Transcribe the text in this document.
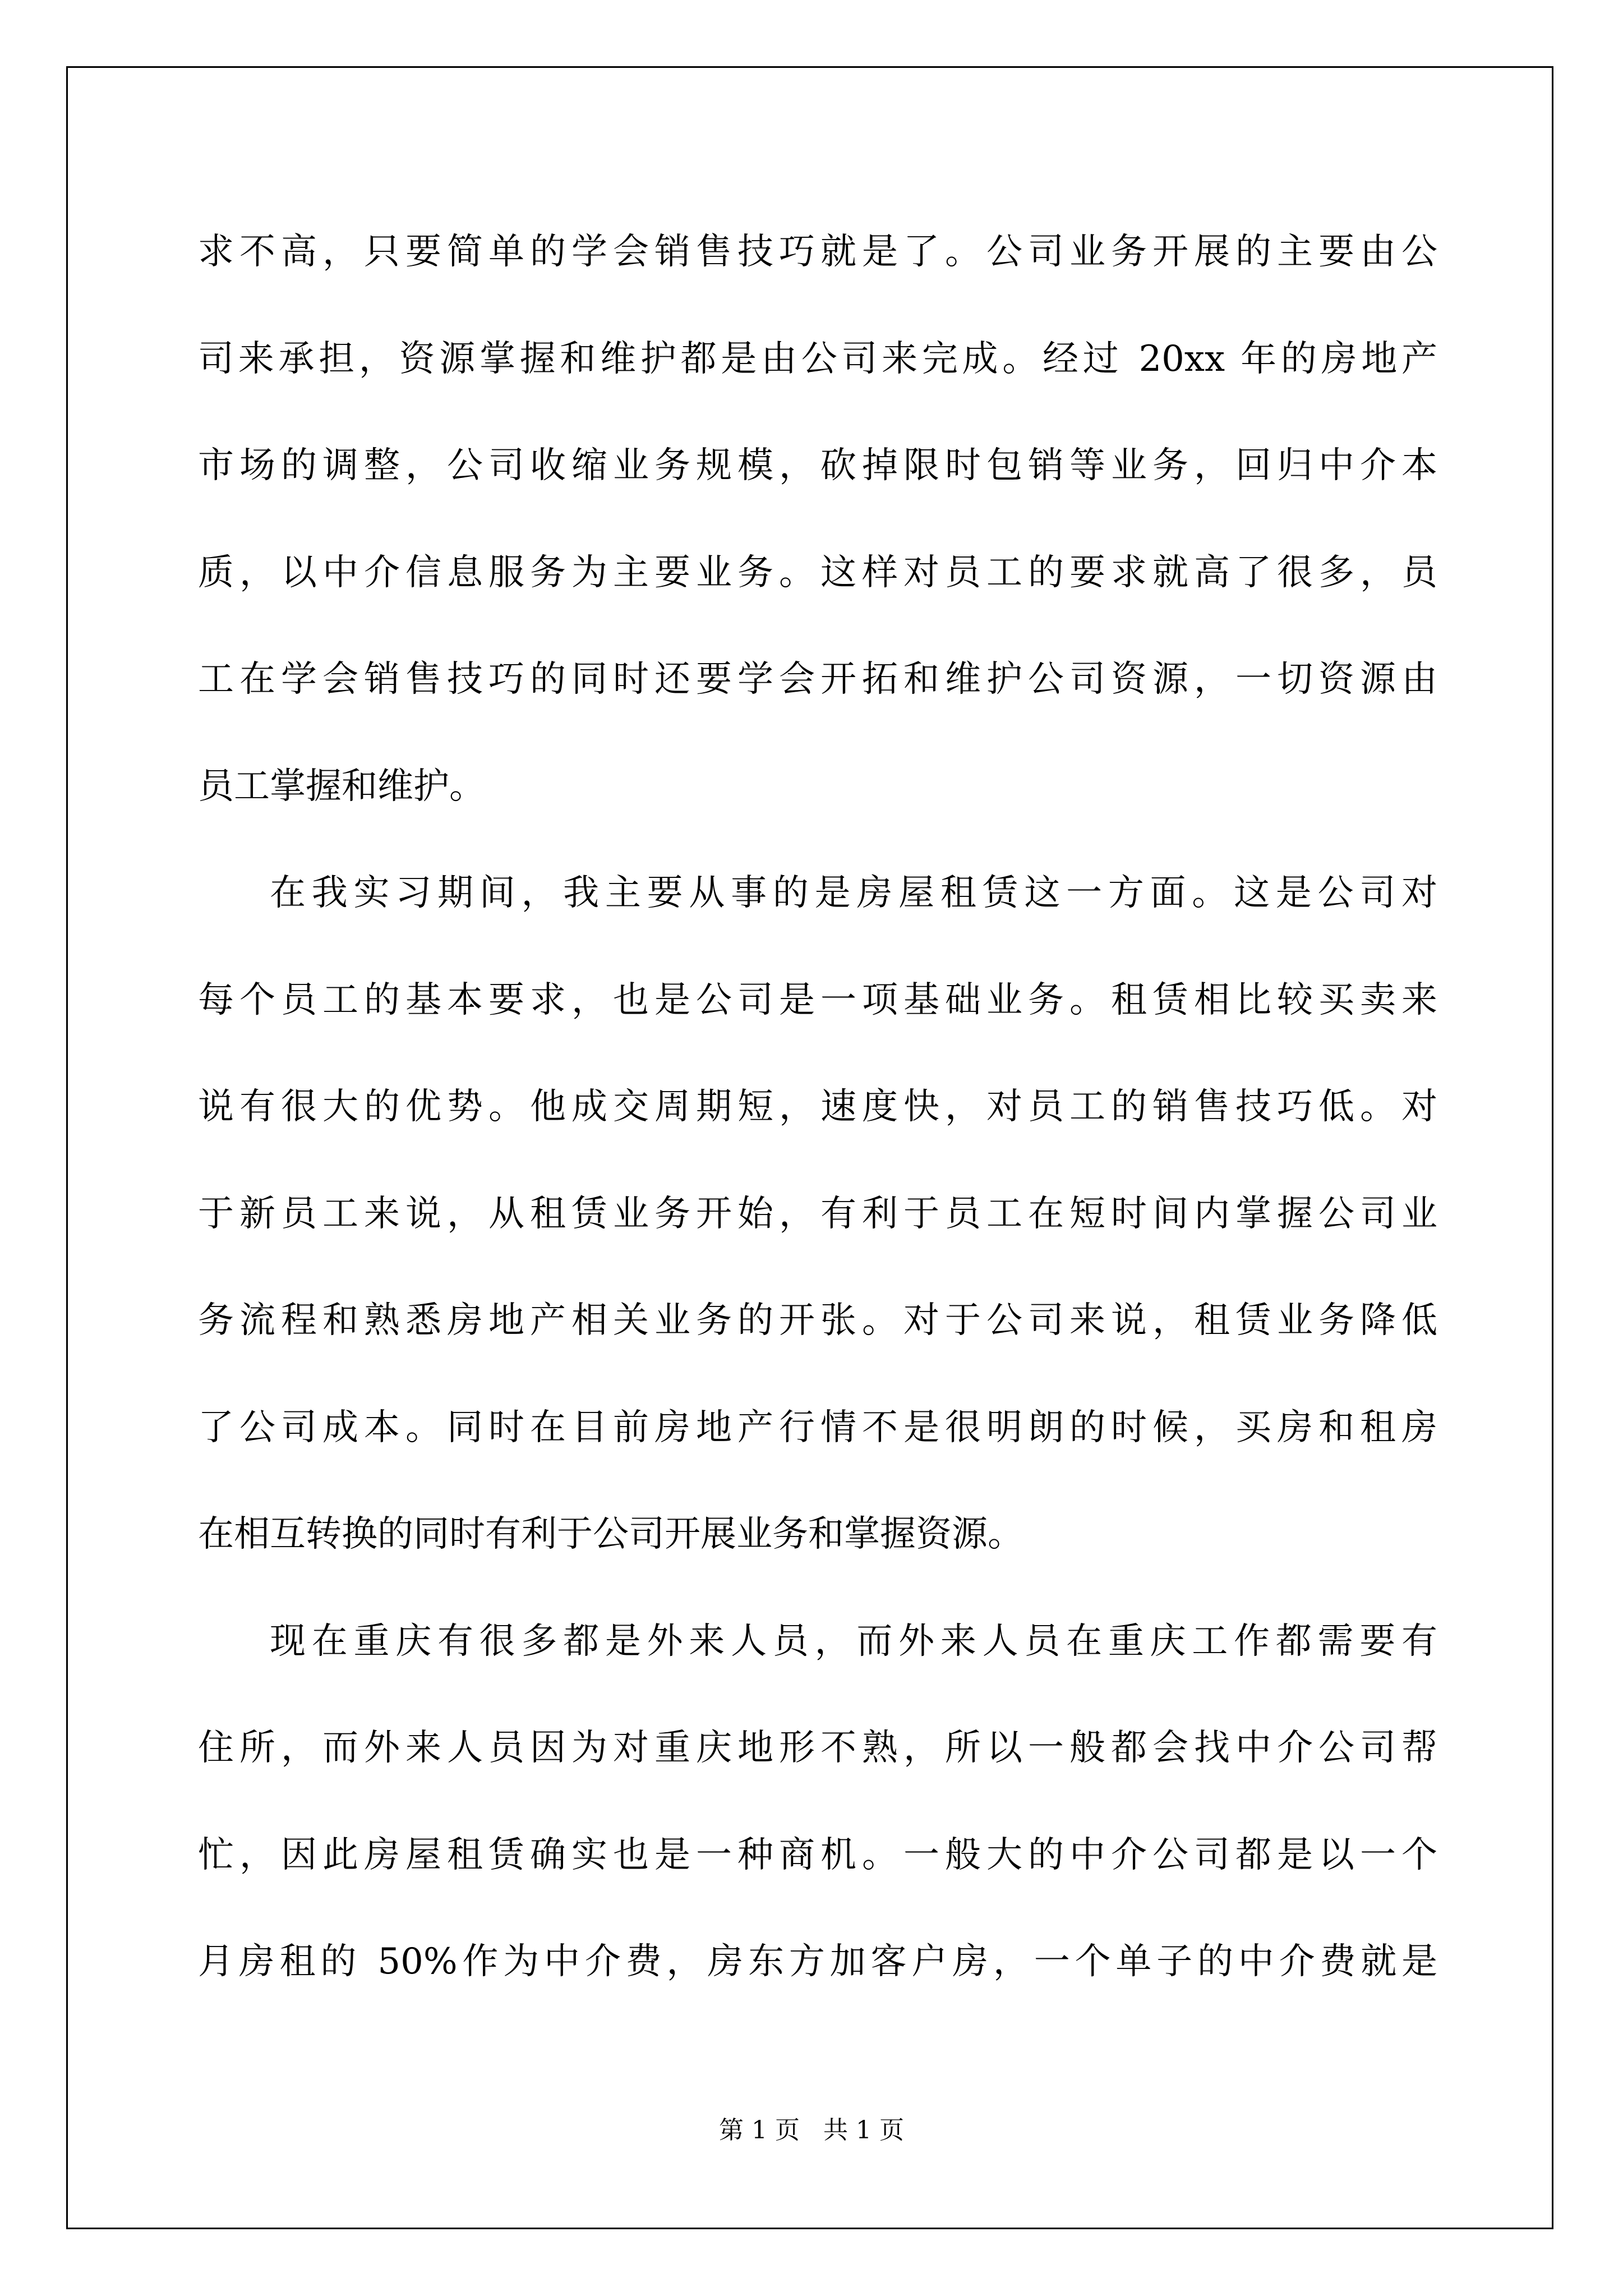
求不高，只要简单的学会销售技巧就是了。公司业务开展的主要由公
司来承担，资源掌握和维护都是由公司来完成。经过 20xx 年的房地产
市场的调整，公司收缩业务规模，砍掉限时包销等业务，回归中介本
质，以中介信息服务为主要业务。这样对员工的要求就高了很多，员
工在学会销售技巧的同时还要学会开拓和维护公司资源，一切资源由
员工掌握和维护。
在我实习期间，我主要从事的是房屋租赁这一方面。这是公司对
每个员工的基本要求，也是公司是一项基础业务。租赁相比较买卖来
说有很大的优势。他成交周期短，速度快，对员工的销售技巧低。对
于新员工来说，从租赁业务开始，有利于员工在短时间内掌握公司业
务流程和熟悉房地产相关业务的开张。对于公司来说，租赁业务降低
了公司成本。同时在目前房地产行情不是很明朗的时候，买房和租房
在相互转换的同时有利于公司开展业务和掌握资源。
现在重庆有很多都是外来人员，而外来人员在重庆工作都需要有
住所，而外来人员因为对重庆地形不熟，所以一般都会找中介公司帮
忙，因此房屋租赁确实也是一种商机。一般大的中介公司都是以一个
月房租的 50%作为中介费，房东方加客户房，一个单子的中介费就是
第 1 页   共 1 页
